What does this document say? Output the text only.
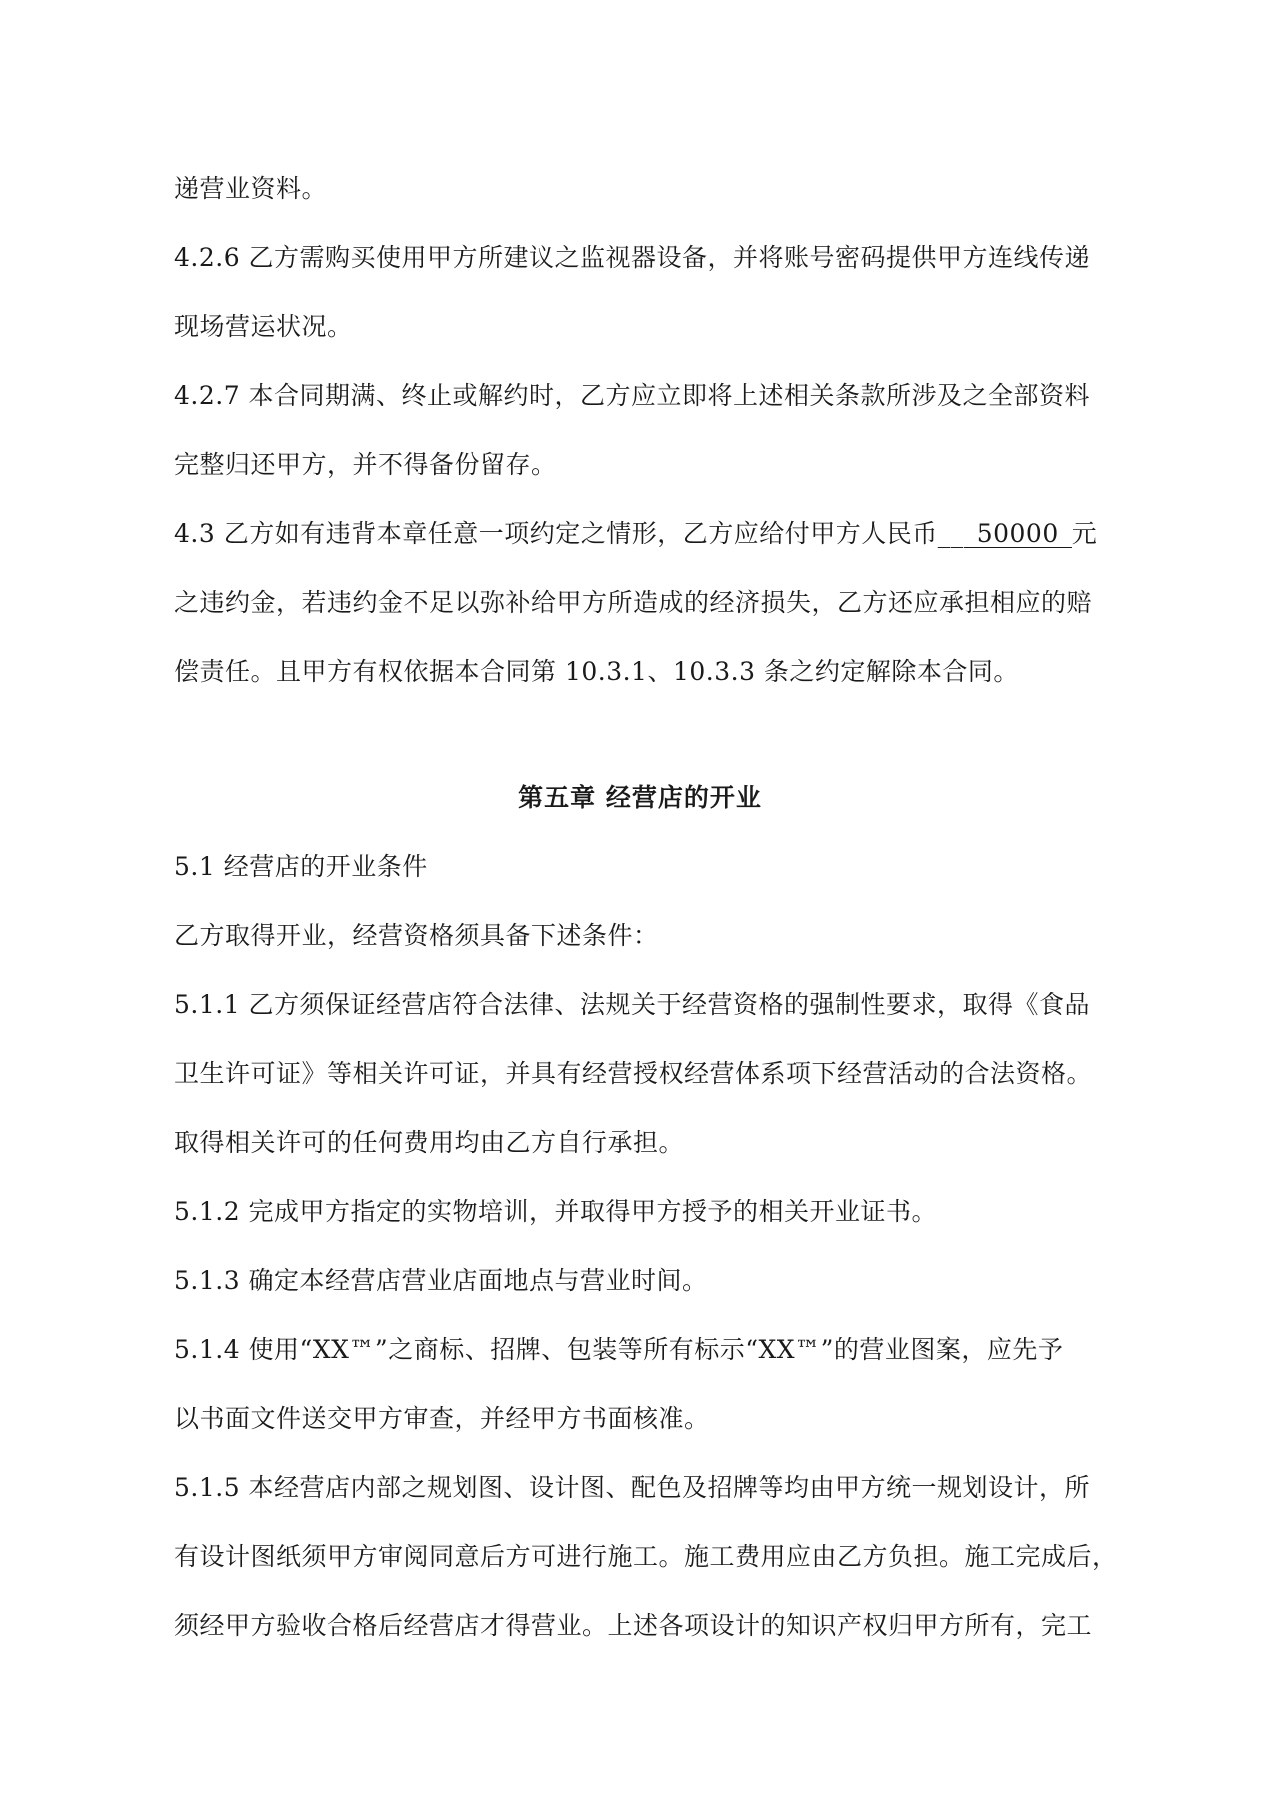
递营业资料。

4.2.6 乙方需购买使用甲方所建议之监视器设备，并将账号密码提供甲方连线传递

现场营运状况。

4.2.7 本合同期满、终止或解约时，乙方应立即将上述相关条款所涉及之全部资料

完整归还甲方，并不得备份留存。

4.3 乙方如有违背本章任意一项约定之情形，乙方应给付甲方人民币__ 50000 元

之违约金，若违约金不足以弥补给甲方所造成的经济损失，乙方还应承担相应的赔

偿责任。且甲方有权依据本合同第 10.3.1、10.3.3 条之约定解除本合同。

第五章 经营店的开业

5.1 经营店的开业条件

乙方取得开业，经营资格须具备下述条件：

5.1.1 乙方须保证经营店符合法律、法规关于经营资格的强制性要求，取得《食品

卫生许可证》等相关许可证，并具有经营授权经营体系项下经营活动的合法资格。

取得相关许可的任何费用均由乙方自行承担。

5.1.2 完成甲方指定的实物培训，并取得甲方授予的相关开业证书。

5.1.3 确定本经营店营业店面地点与营业时间。

5.1.4 使用“XX™”之商标、招牌、包装等所有标示“XX™”的营业图案，应先予

以书面文件送交甲方审查，并经甲方书面核准。

5.1.5 本经营店内部之规划图、设计图、配色及招牌等均由甲方统一规划设计，所

有设计图纸须甲方审阅同意后方可进行施工。施工费用应由乙方负担。施工完成后，

须经甲方验收合格后经营店才得营业。上述各项设计的知识产权归甲方所有，完工
